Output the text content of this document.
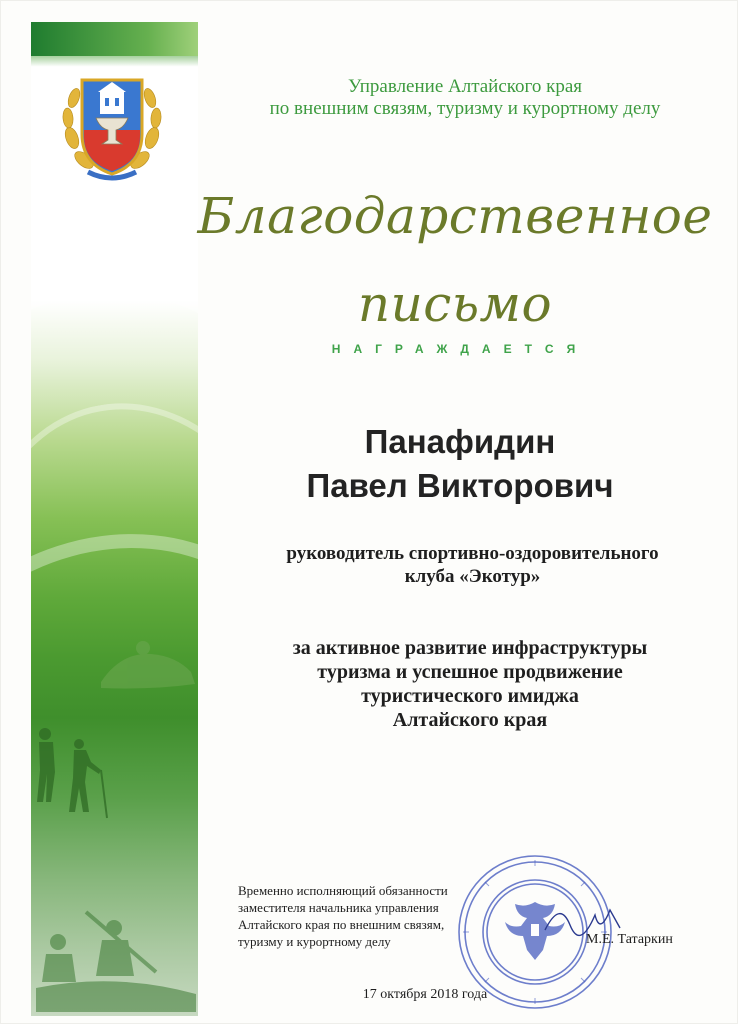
Управление Алтайского края
по внешним связям, туризму и курортному делу
Благодарственное
письмо
НАГРАЖДАЕТСЯ
Панафидин
Павел Викторович
руководитель спортивно-оздоровительного
клуба «Экотур»
за активное развитие инфраструктуры
туризма и успешное продвижение
туристического имиджа
Алтайского края
Временно исполняющий обязанности
заместителя начальника управления
Алтайского края по внешним связям,
туризму и курортному делу	М.Е. Татаркин
17 октября 2018 года
